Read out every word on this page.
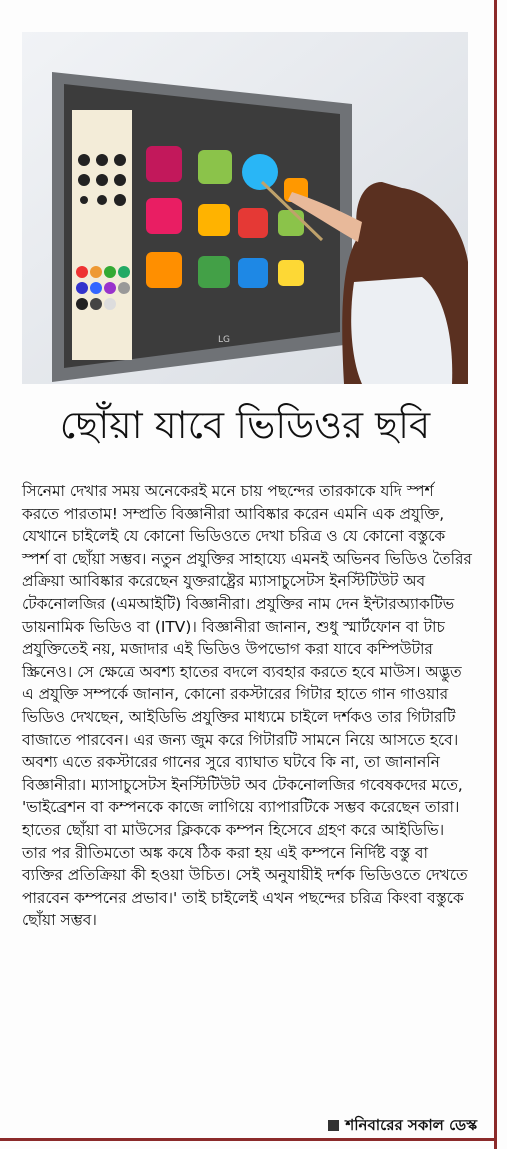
LG
ছোঁয়া যাবে ভিডিওর ছবি

সিনেমা দেখার সময় অনেকেরই মনে চায় পছন্দের তারকাকে যদি স্পর্শ করতে পারতাম! সম্প্রতি বিজ্ঞানীরা আবিষ্কার করেন এমনি এক প্রযুক্তি, যেখানে চাইলেই যে কোনো ভিডিওতে দেখা চরিত্র ও যে কোনো বস্তুকে স্পর্শ বা ছোঁয়া সম্ভব। নতুন প্রযুক্তির সাহায্যে এমনই অভিনব ভিডিও তৈরির প্রক্রিয়া আবিষ্কার করেছেন যুক্তরাষ্ট্রের ম্যাসাচুসেটস ইনস্টিটিউট অব টেকনোলজির (এমআইটি) বিজ্ঞানীরা। প্রযুক্তির নাম দেন ইন্টারঅ্যাকটিভ ডায়নামিক ভিডিও বা (ITV)। বিজ্ঞানীরা জানান, শুধু স্মার্টফোন বা টাচ প্রযুক্তিতেই নয়, মজাদার এই ভিডিও উপভোগ করা যাবে কম্পিউটার স্ক্রিনেও। সে ক্ষেত্রে অবশ্য হাতের বদলে ব্যবহার করতে হবে মাউস। অদ্ভুত এ প্রযুক্তি সম্পর্কে জানান, কোনো রকস্টারের গিটার হাতে গান গাওয়ার ভিডিও দেখছেন, আইডিভি প্রযুক্তির মাধ্যমে চাইলে দর্শকও তার গিটারটি বাজাতে পারবেন। এর জন্য জুম করে গিটারটি সামনে নিয়ে আসতে হবে। অবশ্য এতে রকস্টারের গানের সুরে ব্যাঘাত ঘটবে কি না, তা জানাননি বিজ্ঞানীরা। ম্যাসাচুসেটস ইনস্টিটিউট অব টেকনোলজির গবেষকদের মতে, 'ভাইব্রেশন বা কম্পনকে কাজে লাগিয়ে ব্যাপারটিকে সম্ভব করেছেন তারা। হাতের ছোঁয়া বা মাউসের ক্লিককে কম্পন হিসেবে গ্রহণ করে আইডিভি। তার পর রীতিমতো অঙ্ক কষে ঠিক করা হয় এই কম্পনে নির্দিষ্ট বস্তু বা ব্যক্তির প্রতিক্রিয়া কী হওয়া উচিত। সেই অনুযায়ীই দর্শক ভিডিওতে দেখতে পারবেন কম্পনের প্রভাব।' তাই চাইলেই এখন পছন্দের চরিত্র কিংবা বস্তুকে ছোঁয়া সম্ভব।

শনিবারের সকাল ডেস্ক
